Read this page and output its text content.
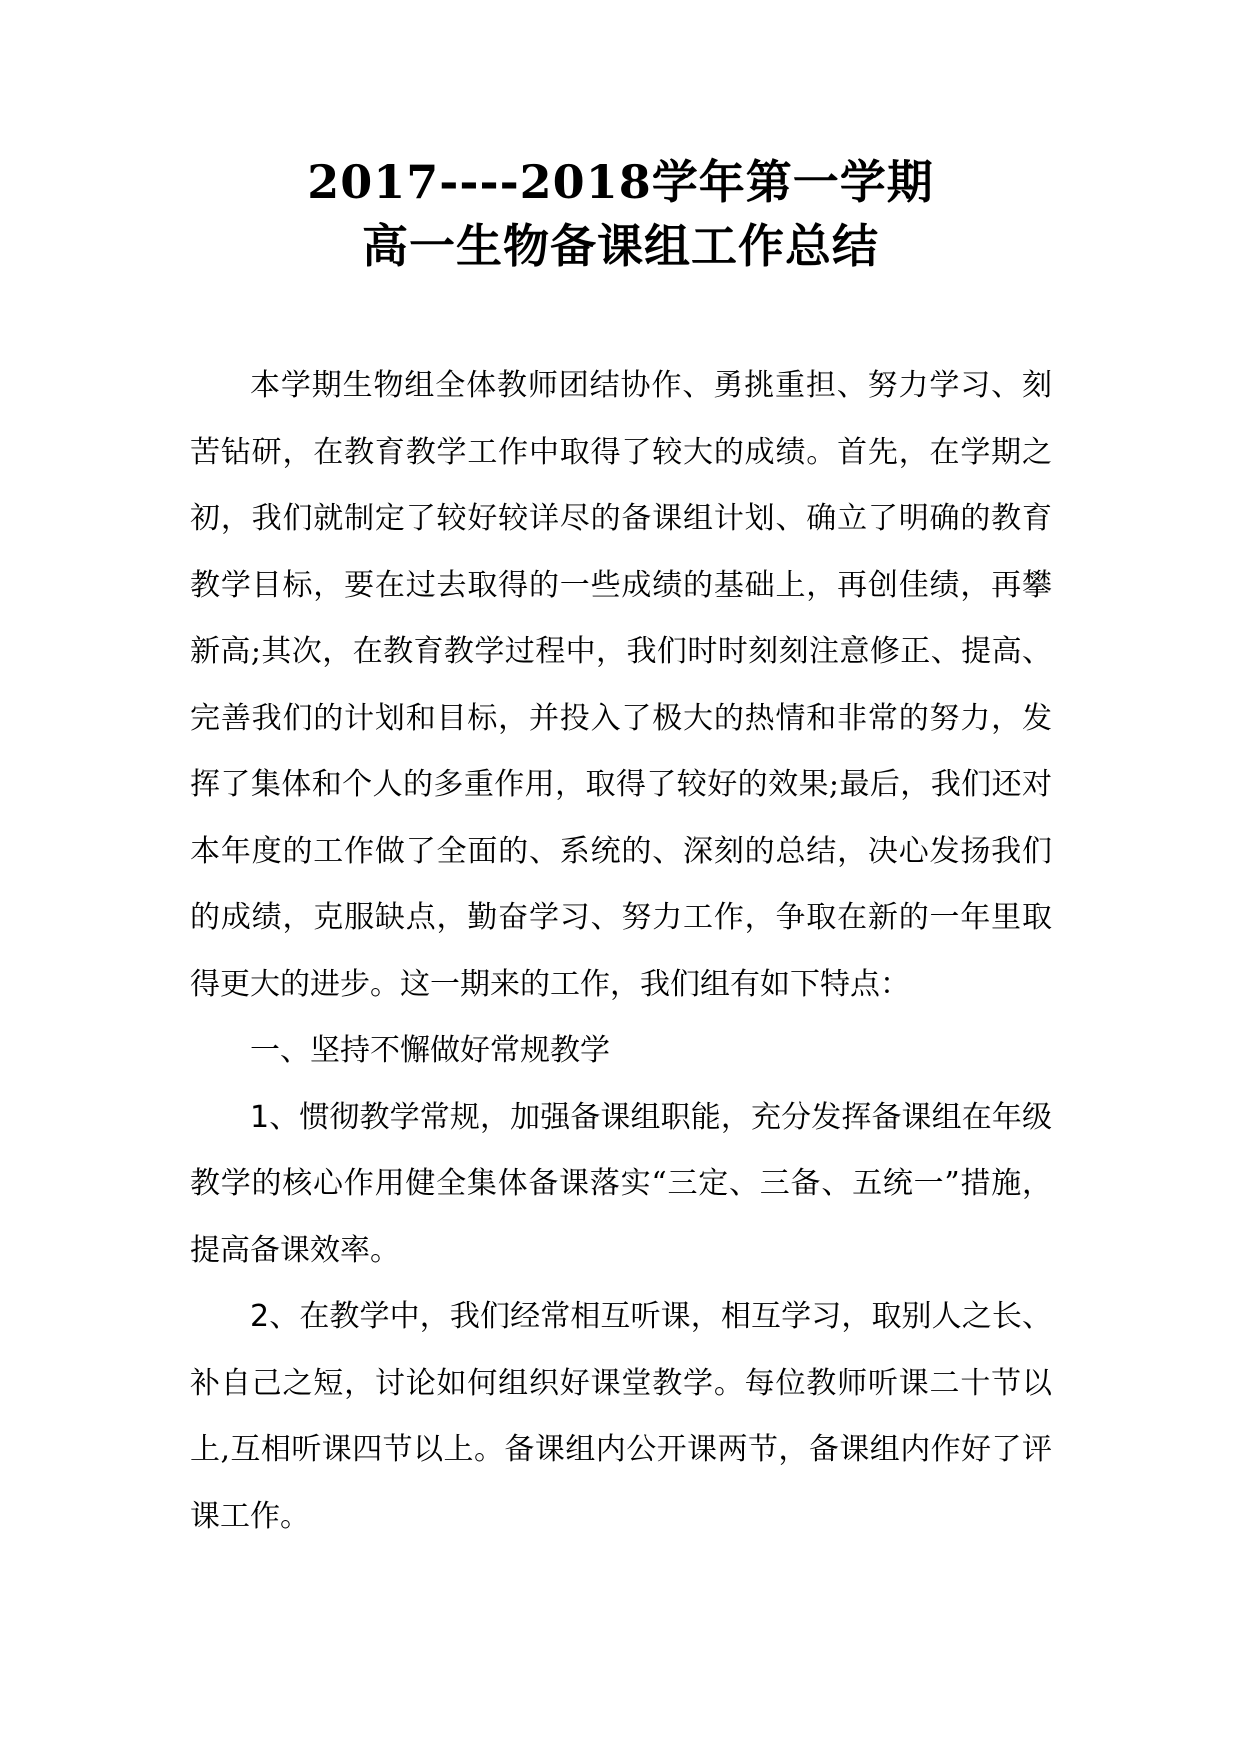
2017----2018学年第一学期
高一生物备课组工作总结

本学期生物组全体教师团结协作、勇挑重担、努力学习、刻苦钻研，在教育教学工作中取得了较大的成绩。首先，在学期之初，我们就制定了较好较详尽的备课组计划、确立了明确的教育教学目标，要在过去取得的一些成绩的基础上，再创佳绩，再攀新高;其次，在教育教学过程中，我们时时刻刻注意修正、提高、完善我们的计划和目标，并投入了极大的热情和非常的努力，发挥了集体和个人的多重作用，取得了较好的效果;最后，我们还对本年度的工作做了全面的、系统的、深刻的总结，决心发扬我们的成绩，克服缺点，勤奋学习、努力工作，争取在新的一年里取得更大的进步。这一期来的工作，我们组有如下特点：

一、坚持不懈做好常规教学

1、惯彻教学常规，加强备课组职能，充分发挥备课组在年级教学的核心作用健全集体备课落实“三定、三备、五统一”措施，提高备课效率。

2、在教学中，我们经常相互听课，相互学习，取别人之长、补自己之短，讨论如何组织好课堂教学。每位教师听课二十节以上,互相听课四节以上。备课组内公开课两节，备课组内作好了评课工作。
